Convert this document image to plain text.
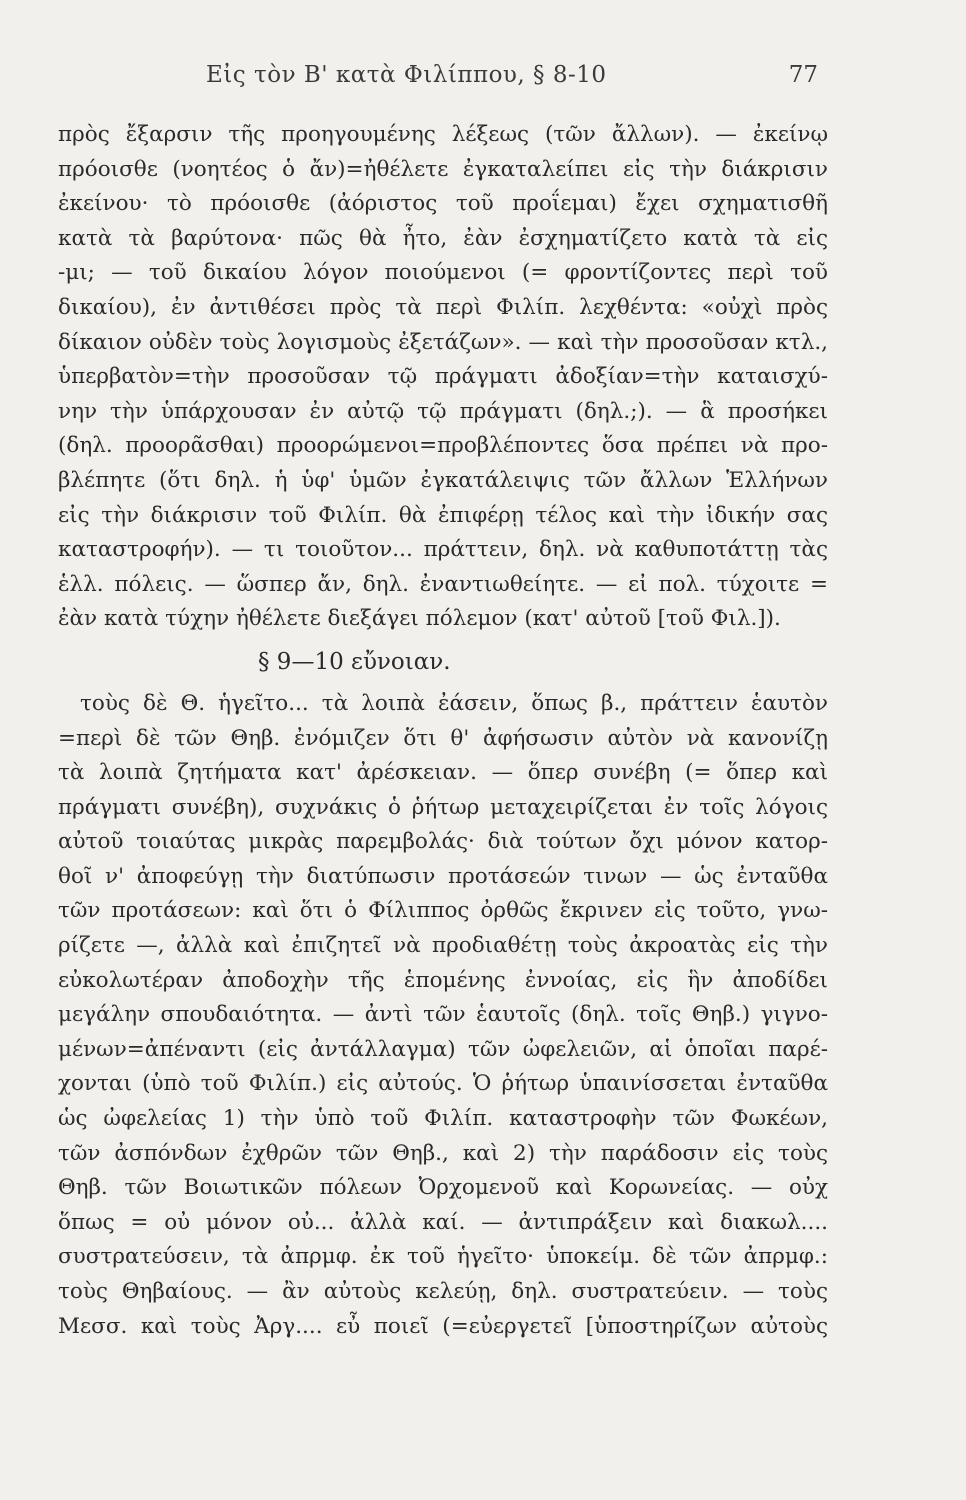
Εἰς τὸν Β' κατὰ Φιλίππου, § 8-10	77
πρὸς ἔξαρσιν τῆς προηγουμένης λέξεως (τῶν ἄλλων). — ἐκείνῳ
πρόοισθε (νοητέος ὁ ἄν)=ἠθέλετε ἐγκαταλείπει εἰς τὴν διάκρισιν
ἐκείνου· τὸ πρόοισθε (ἀόριστος τοῦ προΐεμαι) ἔχει σχηματισθῆ
κατὰ τὰ βαρύτονα· πῶς θὰ ἦτο, ἐὰν ἐσχηματίζετο κατὰ τὰ εἰς
-μι; — τοῦ δικαίου λόγον ποιούμενοι (= φροντίζοντες περὶ τοῦ
δικαίου), ἐν ἀντιθέσει πρὸς τὰ περὶ Φιλίπ. λεχθέντα: «οὐχὶ πρὸς
δίκαιον οὐδὲν τοὺς λογισμοὺς ἐξετάζων». — καὶ τὴν προσοῦσαν κτλ.,
ὑπερβατὸν=τὴν προσοῦσαν τῷ πράγματι ἀδοξίαν=τὴν καταισχύ-
νην τὴν ὑπάρχουσαν ἐν αὐτῷ τῷ πράγματι (δηλ.;). — ἃ προσήκει
(δηλ. προορᾶσθαι) προορώμενοι=προβλέποντες ὅσα πρέπει νὰ προ-
βλέπητε (ὅτι δηλ. ἡ ὑφ' ὑμῶν ἐγκατάλειψις τῶν ἄλλων Ἑλλήνων
εἰς τὴν διάκρισιν τοῦ Φιλίπ. θὰ ἐπιφέρῃ τέλος καὶ τὴν ἰδικήν σας
καταστροφήν). — τι τοιοῦτον... πράττειν, δηλ. νὰ καθυποτάττῃ τὰς
ἑλλ. πόλεις. — ὥσπερ ἄν, δηλ. ἐναντιωθείητε. — εἰ πολ. τύχοιτε =
ἐὰν κατὰ τύχην ἠθέλετε διεξάγει πόλεμον (κατ' αὐτοῦ [τοῦ Φιλ.]).
§ 9—10 εὔνοιαν.
τοὺς δὲ Θ. ἡγεῖτο... τὰ λοιπὰ ἐάσειν, ὅπως β., πράττειν ἑαυτὸν
=περὶ δὲ τῶν Θηβ. ἐνόμιζεν ὅτι θ' ἀφήσωσιν αὐτὸν νὰ κανονίζῃ
τὰ λοιπὰ ζητήματα κατ' ἀρέσκειαν. — ὅπερ συνέβη (= ὅπερ καὶ
πράγματι συνέβη), συχνάκις ὁ ῥήτωρ μεταχειρίζεται ἐν τοῖς λόγοις
αὐτοῦ τοιαύτας μικρὰς παρεμβολάς· διὰ τούτων ὄχι μόνον κατορ-
θοῖ ν' ἀποφεύγῃ τὴν διατύπωσιν προτάσεών τινων — ὡς ἐνταῦθα
τῶν προτάσεων: καὶ ὅτι ὁ Φίλιππος ὀρθῶς ἔκρινεν εἰς τοῦτο, γνω-
ρίζετε —, ἀλλὰ καὶ ἐπιζητεῖ νὰ προδιαθέτῃ τοὺς ἀκροατὰς εἰς τὴν
εὐκολωτέραν ἀποδοχὴν τῆς ἑπομένης ἐννοίας, εἰς ἣν ἀποδίδει
μεγάλην σπουδαιότητα. — ἀντὶ τῶν ἑαυτοῖς (δηλ. τοῖς Θηβ.) γιγνο-
μένων=ἀπέναντι (εἰς ἀντάλλαγμα) τῶν ὠφελειῶν, αἱ ὁποῖαι παρέ-
χονται (ὑπὸ τοῦ Φιλίπ.) εἰς αὐτούς. Ὁ ῥήτωρ ὑπαινίσσεται ἐνταῦθα
ὡς ὠφελείας 1) τὴν ὑπὸ τοῦ Φιλίπ. καταστροφὴν τῶν Φωκέων,
τῶν ἀσπόνδων ἐχθρῶν τῶν Θηβ., καὶ 2) τὴν παράδοσιν εἰς τοὺς
Θηβ. τῶν Βοιωτικῶν πόλεων Ὀρχομενοῦ καὶ Κορωνείας. — οὐχ
ὅπως = οὐ μόνον οὐ... ἀλλὰ καί. — ἀντιπράξειν καὶ διακωλ....
συστρατεύσειν, τὰ ἀπρμφ. ἐκ τοῦ ἡγεῖτο· ὑποκείμ. δὲ τῶν ἀπρμφ.:
τοὺς Θηβαίους. — ἂν αὐτοὺς κελεύῃ, δηλ. συστρατεύειν. — τοὺς
Μεσσ. καὶ τοὺς Ἀργ.... εὖ ποιεῖ (=εὐεργετεῖ [ὑποστηρίζων αὐτοὺς
